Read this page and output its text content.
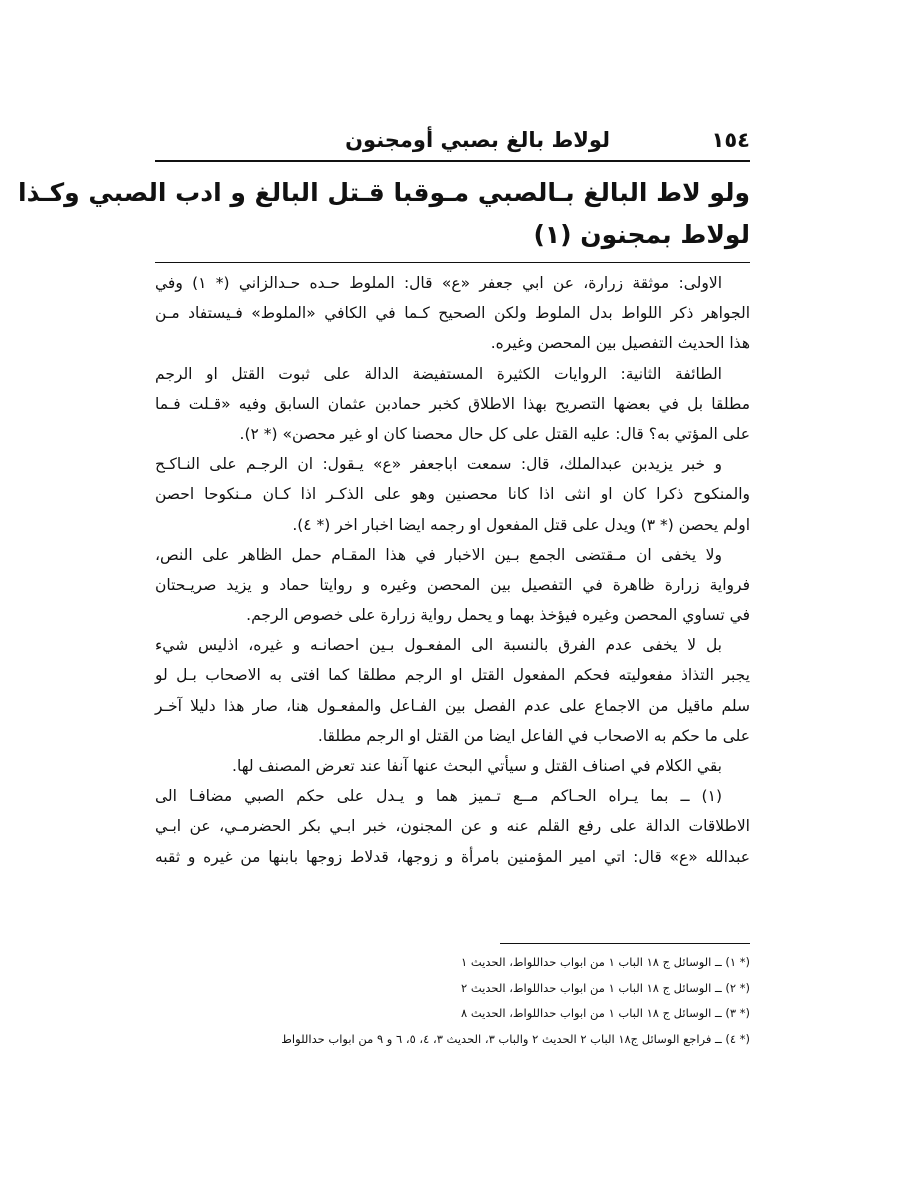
١٥٤
لولاط بالغ بصبي أومجنون
ولو لاط البالغ بـالصبي مـوقبا قـتل البالغ و ادب الصبي وكـذا
لولاط بمجنون (١)
الاولى: موثقة زرارة، عن ابي جعفر «ع» قال: الملوط حـده حـدالزاني (* ١) وفي
الجواهر ذكر اللواط بدل الملوط ولكن الصحيح كـما في الكافي «الملوط» فـيستفاد مـن
هذا الحديث التفصيل بين المحصن وغيره.
الطائفة الثانية: الروايات الكثيرة المستفيضة الدالة على ثبوت القتل او الرجم
مطلقا بل في بعضها التصريح بهذا الاطلاق كخبر حمادبن عثمان السابق وفيه «قـلت فـما
على المؤتي به؟ قال: عليه القتل على كل حال محصنا كان او غير محصن» (* ٢).
و خبر يزيدبن عبدالملك، قال: سمعت اباجعفر «ع» يـقول: ان الرجـم على النـاكـح
والمنكوح ذكرا كان او انثى اذا كانا محصنين وهو على الذكـر اذا كـان مـنكوحا احصن
اولم يحصن (* ٣) ويدل على قتل المفعول او رجمه ايضا اخبار اخر (* ٤).
ولا يخفى ان مـقتضى الجمع بـين الاخبار في هذا المقـام حمل الظاهر على النص،
فرواية زرارة ظاهرة في التفصيل بين المحصن وغيره و روايتا حماد و يزيد صريـحتان
في تساوي المحصن وغيره فيؤخذ بهما و يحمل رواية زرارة على خصوص الرجم.
بل لا يخفى عدم الفرق بالنسبة الى المفعـول بـين احصانـه و غيره، اذليس شيء
يجبر التذاذ مفعوليته فحكم المفعول القتل او الرجم مطلقا كما افتى به الاصحاب بـل لو
سلم ماقيل من الاجماع على عدم الفصل بين الفـاعل والمفعـول هنا، صار هذا دليلا آخـر
على ما حكم به الاصحاب في الفاعل ايضا من القتل او الرجم مطلقا.
بقي الكلام في اصناف القتل و سيأتي البحث عنها آنفا عند تعرض المصنف لها.
(١) ــ بما يـراه الحـاكم مــع تـميز هما و يـدل على حكم الصبي مضافـا الى
الاطلاقات الدالة على رفع القلم عنه و عن المجنون، خبر ابـي بكر الحضرمـي، عن ابـي
عبدالله «ع» قال: اتي امير المؤمنين بامرأة و زوجها، قدلاط زوجها بابنها من غيره و ثقبه
(* ١) ــ الوسائل ج ١٨ الباب ١ من ابواب حداللواط، الحديث ١
(* ٢) ــ الوسائل ج ١٨ الباب ١ من ابواب حداللواط، الحديث ٢
(* ٣) ــ الوسائل ج ١٨ الباب ١ من ابواب حداللواط، الحديث ٨
(* ٤) ــ فراجع الوسائل ج١٨ الباب ٢ الحديث ٢ والباب ٣، الحديث ٣، ٤، ٥، ٦ و ٩ من ابواب حداللواط
